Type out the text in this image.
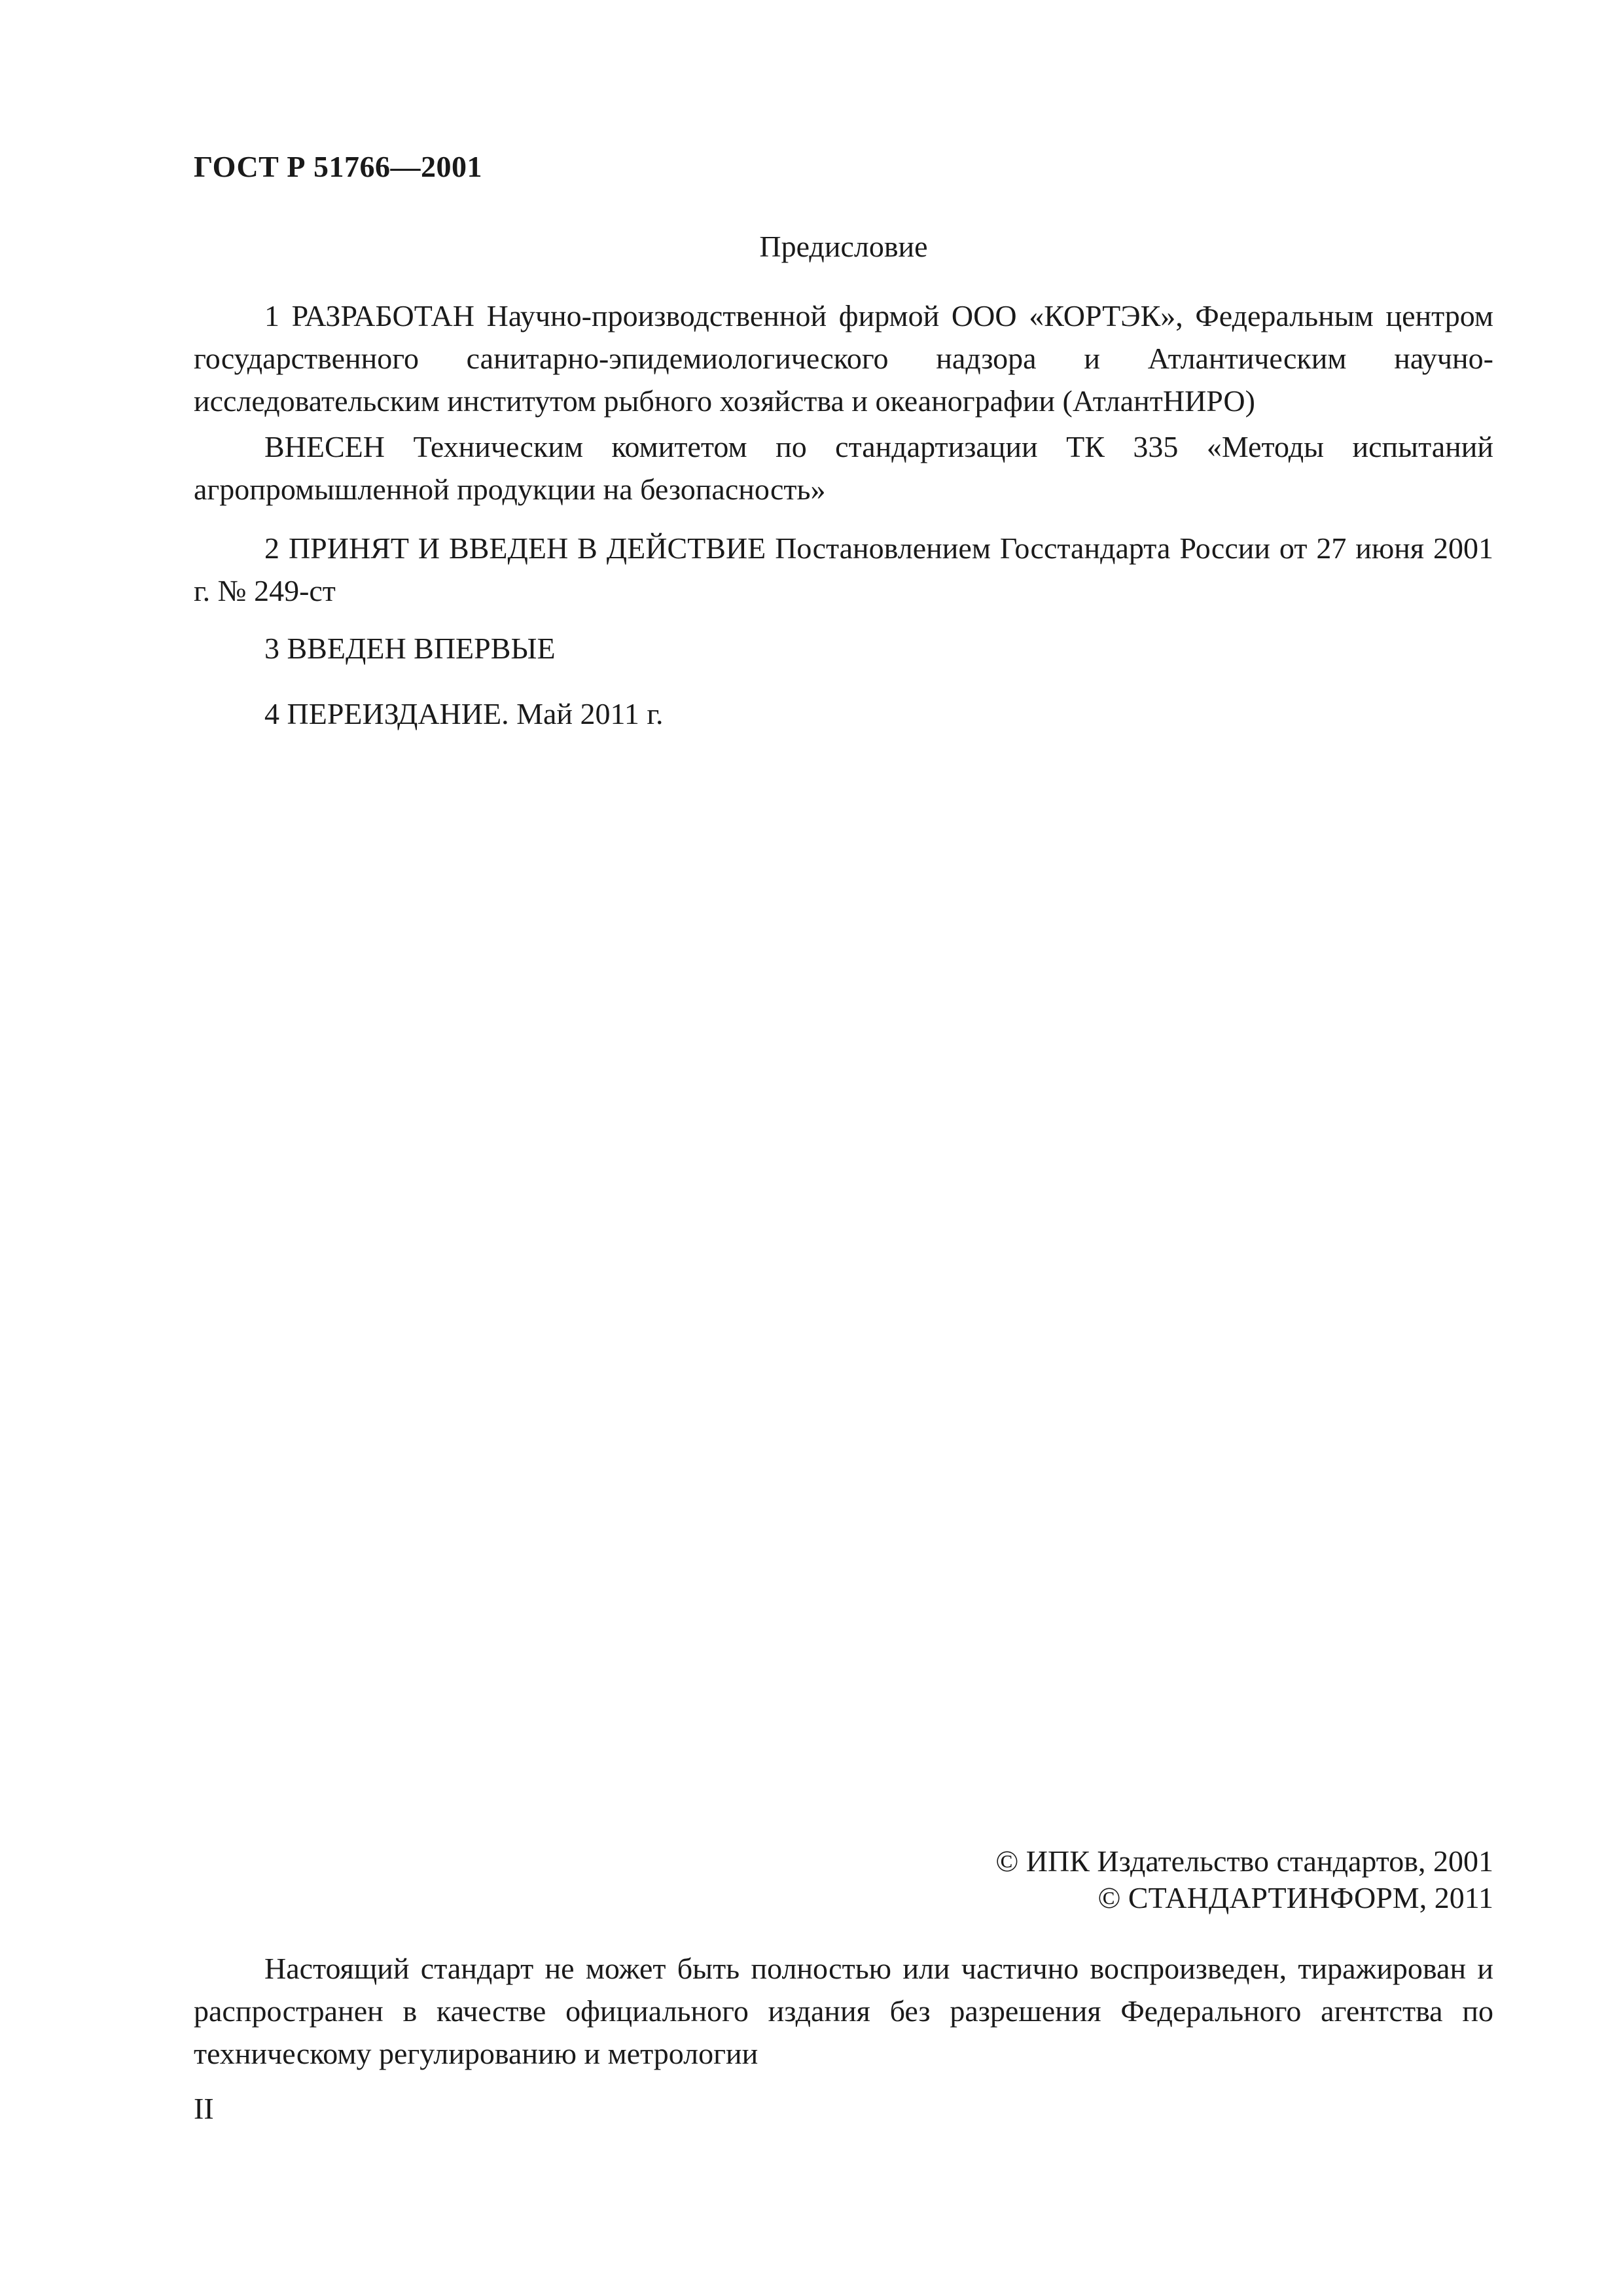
ГОСТ Р 51766—2001
Предисловие
1 РАЗРАБОТАН Научно-производственной фирмой ООО «КОРТЭК», Федеральным центром государственного санитарно-эпидемиологического надзора и Атлантическим научно-исследовательским институтом рыбного хозяйства и океанографии (АтлантНИРО)
ВНЕСЕН Техническим комитетом по стандартизации ТК 335 «Методы испытаний агропромышленной продукции на безопасность»
2 ПРИНЯТ И ВВЕДЕН В ДЕЙСТВИЕ Постановлением Госстандарта России от 27 июня 2001 г. № 249-ст
3 ВВЕДЕН ВПЕРВЫЕ
4 ПЕРЕИЗДАНИЕ. Май 2011 г.
© ИПК Издательство стандартов, 2001
© СТАНДАРТИНФОРМ, 2011
Настоящий стандарт не может быть полностью или частично воспроизведен, тиражирован и распространен в качестве официального издания без разрешения Федерального агентства по техническому регулированию и метрологии
II
